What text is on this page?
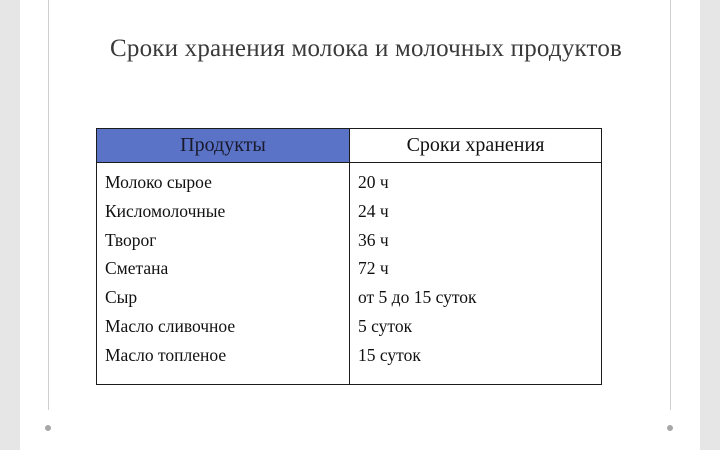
Сроки хранения молока и молочных продуктов
Продукты
Молоко сырое
Кисломолочные
Творог
Сметана
Сыр
Масло сливочное
Масло топленое
Сроки хранения
20 ч
24 ч
36 ч
72 ч
от 5 до 15 суток
5 суток
15 суток
